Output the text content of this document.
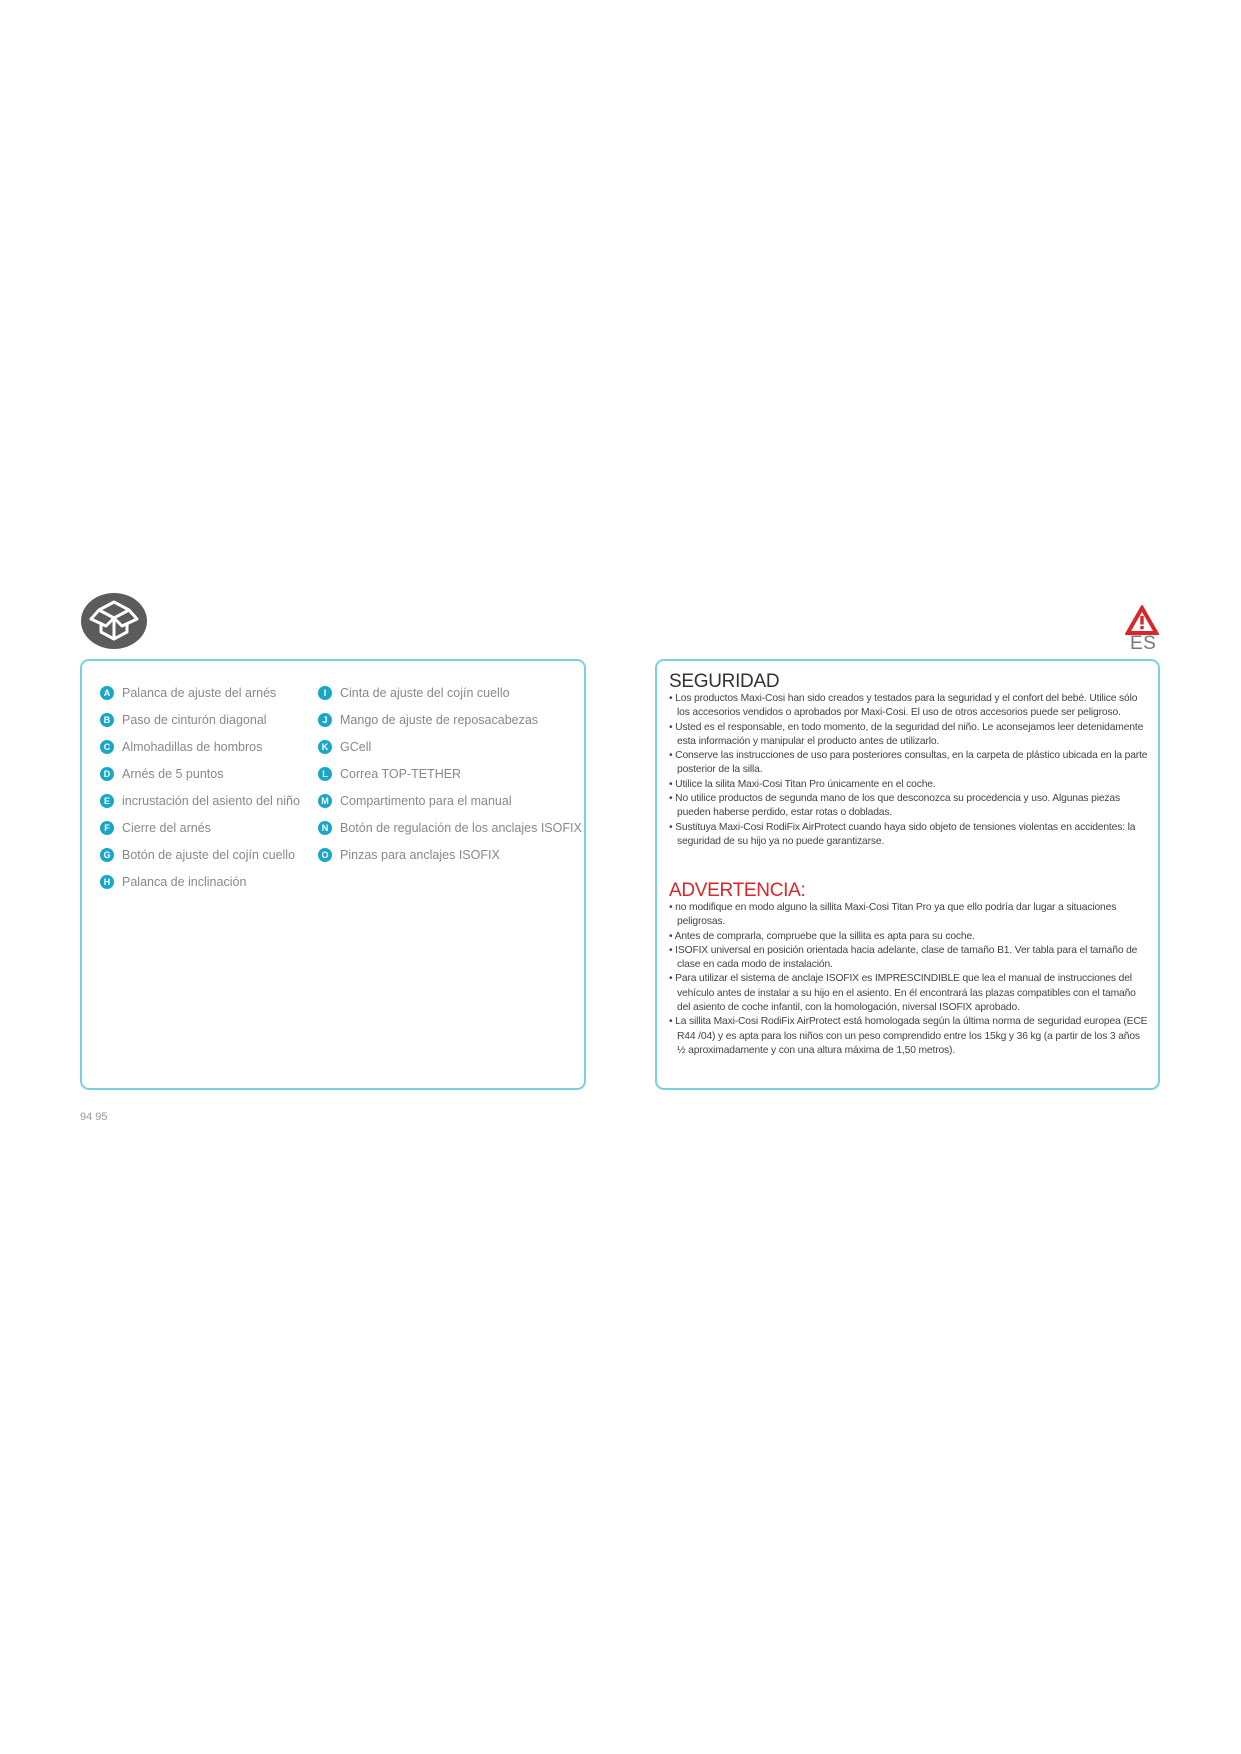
ES
A Palanca de ajuste del arnés
B Paso de cinturón diagonal
C Almohadillas de hombros
D Arnés de 5 puntos
E incrustación del asiento del niño
F Cierre del arnés
G Botón de ajuste del cojín cuello
H Palanca de inclinación
I	Cinta de ajuste del cojín cuello
J	Mango de ajuste de reposacabezas
K GCell
L Correa TOP-TETHER
M Compartimento para el manual
N Botón de regulación de los anclajes ISOFIX
O Pinzas para anclajes ISOFIX
SEGURIDAD
• Los productos Maxi-Cosi han sido creados y testados para la seguridad y el confort del bebé. Utilice sólo los accesorios vendidos o aprobados por Maxi-Cosi. El uso de otros accesorios puede ser peligroso.
• Usted es el responsable, en todo momento, de la seguridad del niño. Le aconsejamos leer detenidamente esta información y manipular el producto antes de utilizarlo.
• Conserve las instrucciones de uso para posteriores consultas, en la carpeta de plástico ubicada en la parte posterior de la silla.
• Utilice la silita Maxi-Cosi Titan Pro únicamente en el coche.
• No utilice productos de segunda mano de los que desconozca su procedencia y uso. Algunas piezas pueden haberse perdido, estar rotas o dobladas.
• Sustituya Maxi-Cosi RodiFix AirProtect cuando haya sido objeto de tensiones violentas en accidentes: la seguridad de su hijo ya no puede garantizarse.
ADVERTENCIA:
• no modifique en modo alguno la sillita Maxi-Cosi Titan Pro ya que ello podría dar lugar a situaciones peligrosas.
• Antes de comprarla, compruebe que la sillita es apta para su coche.
• ISOFIX universal en posición orientada hacia adelante, clase de tamaño B1. Ver tabla para el tamaño de clase en cada modo de instalación.
• Para utilizar el sistema de anclaje ISOFIX es IMPRESCINDIBLE que lea el manual de instrucciones del vehículo antes de instalar a su hijo en el asiento. En él encontrará las plazas compatibles con el tamaño del asiento de coche infantil, con la homologación, niversal ISOFIX aprobado.
• La sillita Maxi-Cosi RodiFix AirProtect está homologada según la última norma de seguridad europea (ECE R44 /04) y es apta para los niños con un peso comprendido entre los 15kg y 36 kg (a partir de los 3 años ½ aproximadamente y con una altura máxima de 1,50 metros).
94 95
